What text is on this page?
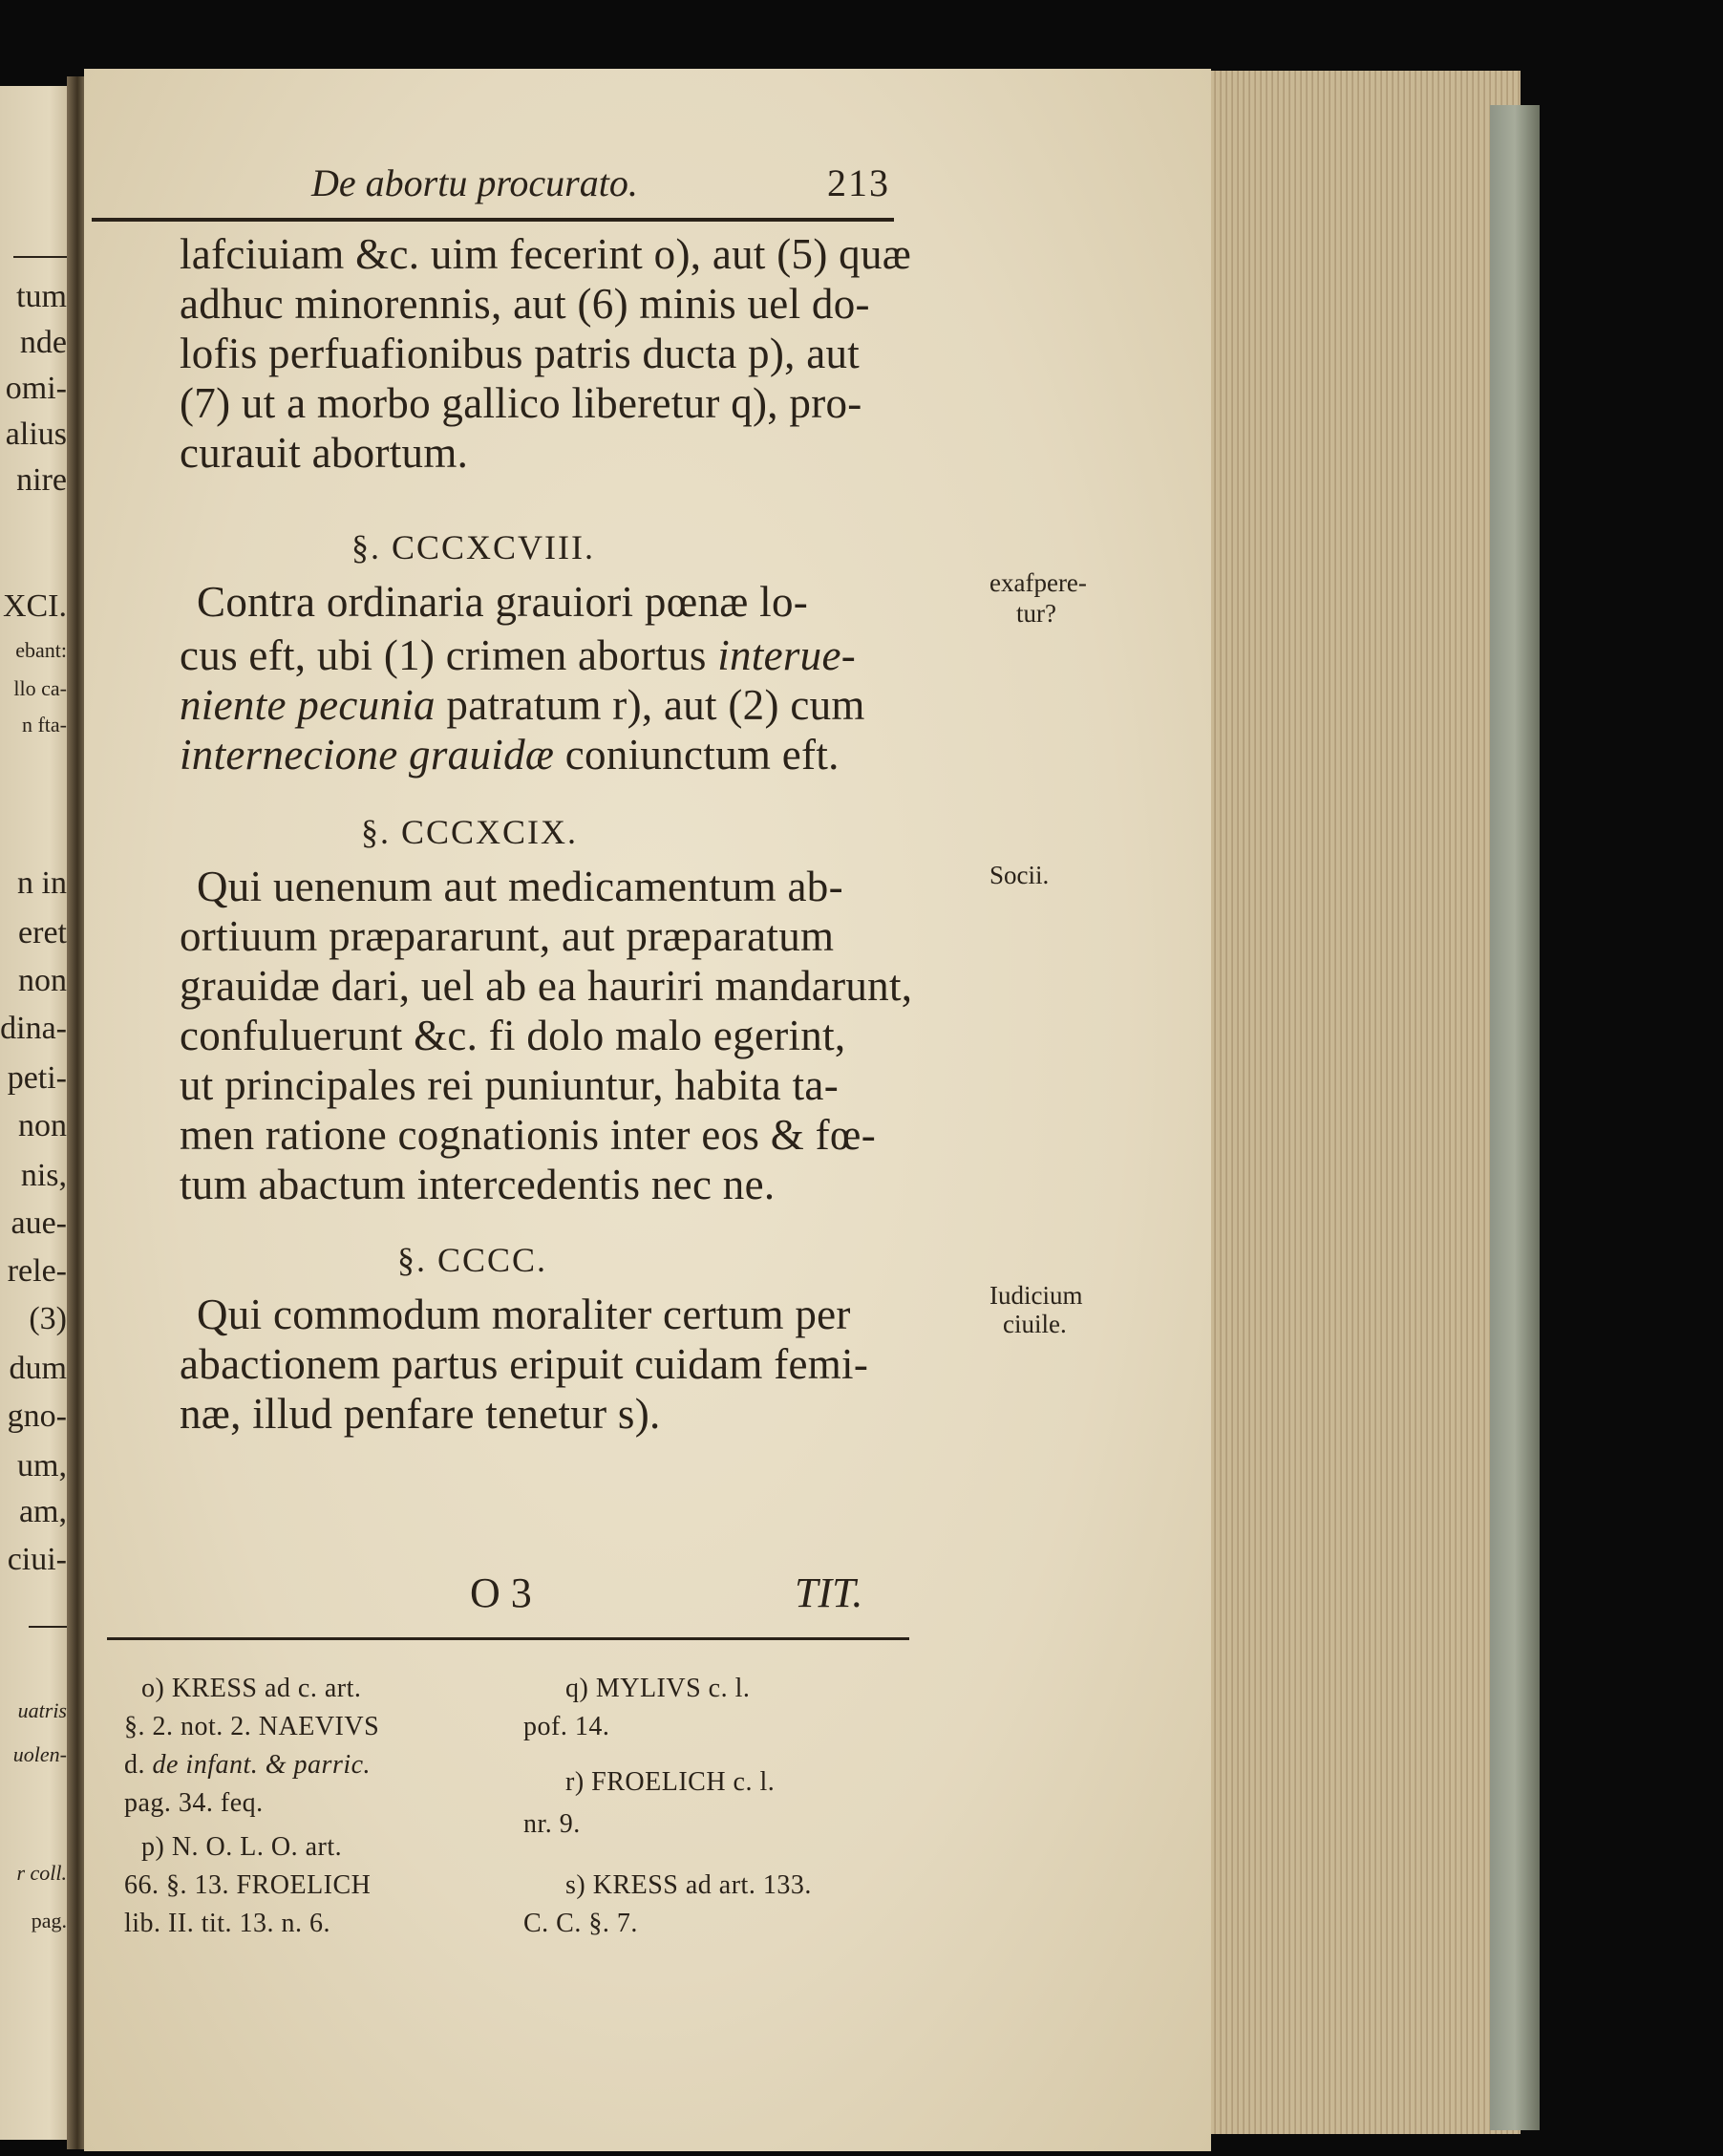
tum
nde
omi-
alius
nire
XCI.
ebant:
llo ca-
n fta-
n in
eret
non
dina-
peti-
non
nis,
aue-
rele-
(3)
dum
gno-
um,
am,
ciui-
uatris
uolen-
r coll.
pag.
De abortu procurato.	213
lafciuiam &c. uim fecerint o), aut (5) quæ
adhuc minorennis, aut (6) minis uel do-
lofis perfuafionibus patris ducta p), aut
(7) ut a morbo gallico liberetur q), pro-
curauit abortum.
§. CCCXCVIII.
Contra ordinaria grauiori pœnæ lo-
cus eft, ubi (1) crimen abortus interue-
niente pecunia patratum r), aut (2) cum
internecione grauidæ coniunctum eft.
exafpere-
tur?
§. CCCXCIX.
Qui uenenum aut medicamentum ab-
ortiuum præpararunt, aut præparatum
grauidæ dari, uel ab ea hauriri mandarunt,
confuluerunt &c. fi dolo malo egerint,
ut principales rei puniuntur, habita ta-
men ratione cognationis inter eos & fœ-
tum abactum intercedentis nec ne.
Socii.
§. CCCC.
Qui commodum moraliter certum per
abactionem partus eripuit cuidam femi-
næ, illud penfare tenetur s).
Iudicium
ciuile.
O 3	TIT.
o) KRESS ad c. art.
§. 2. not. 2. NAEVIVS
d. de infant. & parric.
pag. 34. feq.
p) N. O. L. O. art.
66. §. 13. FROELICH
lib. II. tit. 13. n. 6.
q) MYLIVS c. l.
pof. 14.
r) FROELICH c. l.
nr. 9.
s) KRESS ad art. 133.
C. C. §. 7.
